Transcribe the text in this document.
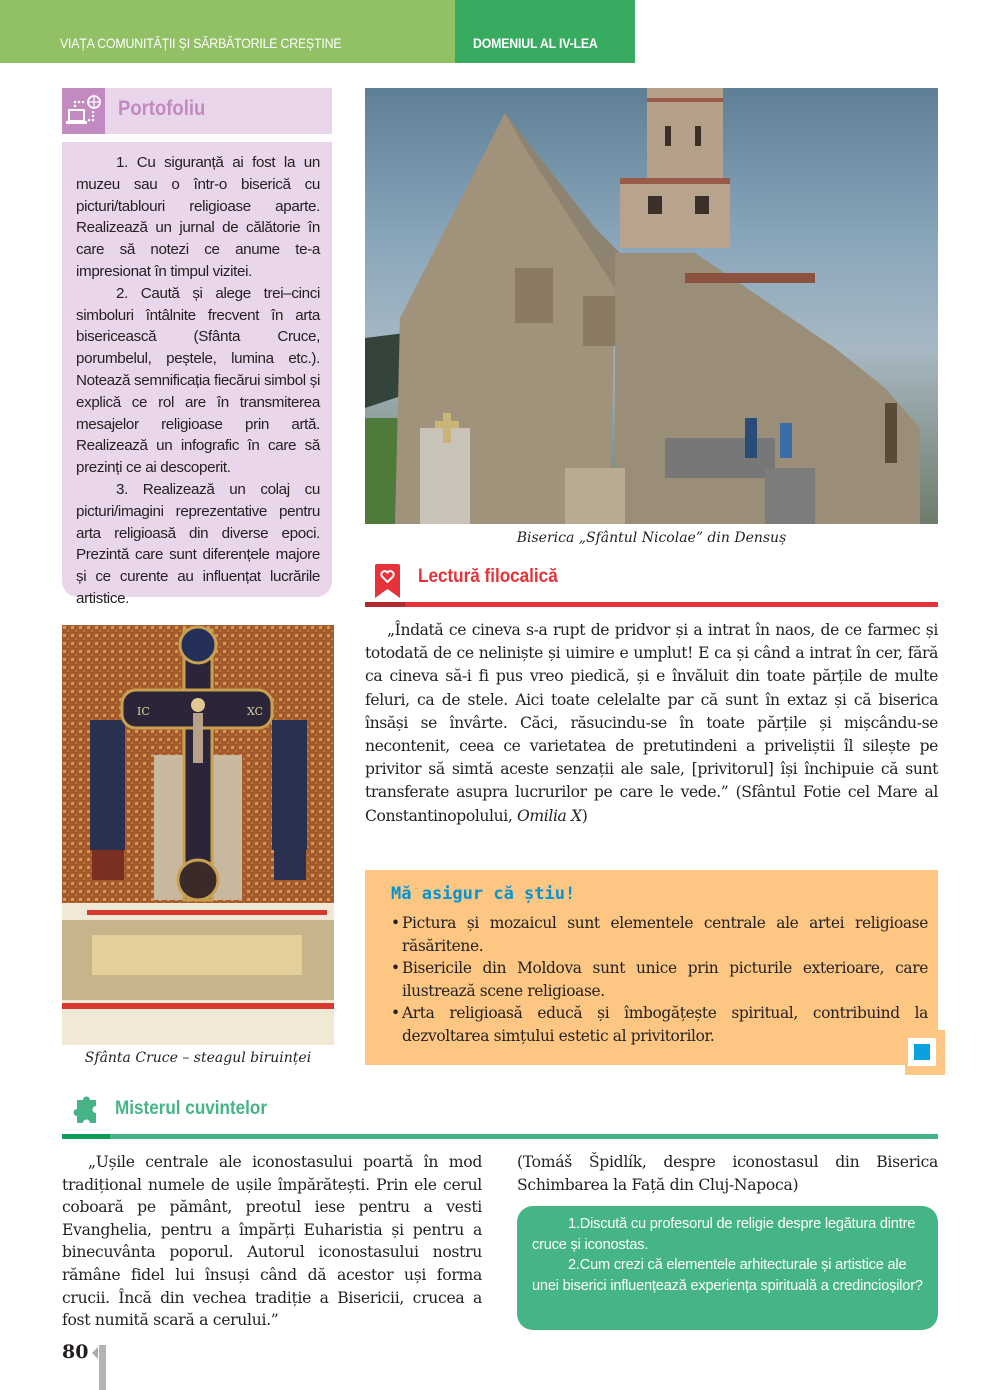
VIAȚA COMUNITĂȚII ȘI SĂRBĂTORILE CREȘTINE	DOMENIUL AL IV-LEA
Portofoliu

1. Cu siguranță ai fost la un muzeu sau o într-o biserică cu picturi/tablouri religioase aparte. Realizează un jurnal de călătorie în care să notezi ce anume te-a impresionat în timpul vizitei.

2. Caută și alege trei–cinci simboluri întâlnite frecvent în arta bisericească (Sfânta Cruce, porumbelul, peștele, lumina etc.). Notează semnificația fiecărui simbol și explică ce rol are în transmiterea mesajelor religioase prin artă. Realizează un infografic în care să prezinți ce ai descoperit.

3. Realizează un colaj cu picturi/imagini reprezentative pentru arta religioasă din diverse epoci. Prezintă care sunt diferențele majore și ce curente au influențat lucrările artistice.

Biserica „Sfântul Nicolae” din Densuș
Lectură filocalică

„Îndată ce cineva s-a rupt de pridvor și a intrat în naos, de ce farmec și totodată de ce neliniște și uimire e umplut! E ca și când a intrat în cer, fără ca cineva să-i fi pus vreo piedică, și e învăluit din toate părțile de multe feluri, ca de stele. Aici toate celelalte par că sunt în extaz și că biserica însăși se învârte. Căci, răsucindu-se în toate părțile și mișcându-se necontenit, ceea ce varietatea de pretutindeni a priveliștii îl silește pe privitor să simtă aceste senzații ale sale, [privitorul] își închipuie că sunt transferate asupra lucrurilor pe care le vede.” (Sfântul Fotie cel Mare al Constantinopolului, Omilia X)

IC	XC
Sfânta Cruce – steagul biruinței
Mă asigur că știu!
• Pictura și mozaicul sunt elementele centrale ale artei religioase răsăritene.
• Bisericile din Moldova sunt unice prin picturile exterioare, care ilustrează scene religioase.
• Arta religioasă educă și îmbogățește spiritual, contribuind la dezvoltarea simțului estetic al privitorilor.
Misterul cuvintelor

„Ușile centrale ale iconostasului poartă în mod tradițional numele de ușile împărătești. Prin ele cerul coboară pe pământ, preotul iese pentru a vesti Evanghelia, pentru a împărți Euharistia și pentru a binecuvânta poporul. Autorul iconostasului nostru rămâne fidel lui însuși când dă acestor uși forma crucii. Încă din vechea tradiție a Bisericii, crucea a fost numită scară a cerului.”

(Tomáš Špidlík, despre iconostasul din Biserica Schimbarea la Față din Cluj-Napoca)

1.Discută cu profesorul de religie despre legătura dintre cruce și iconostas.

2.Cum crezi că elementele arhitecturale și artistice ale unei biserici influențează experiența spirituală a credincioșilor?

80
